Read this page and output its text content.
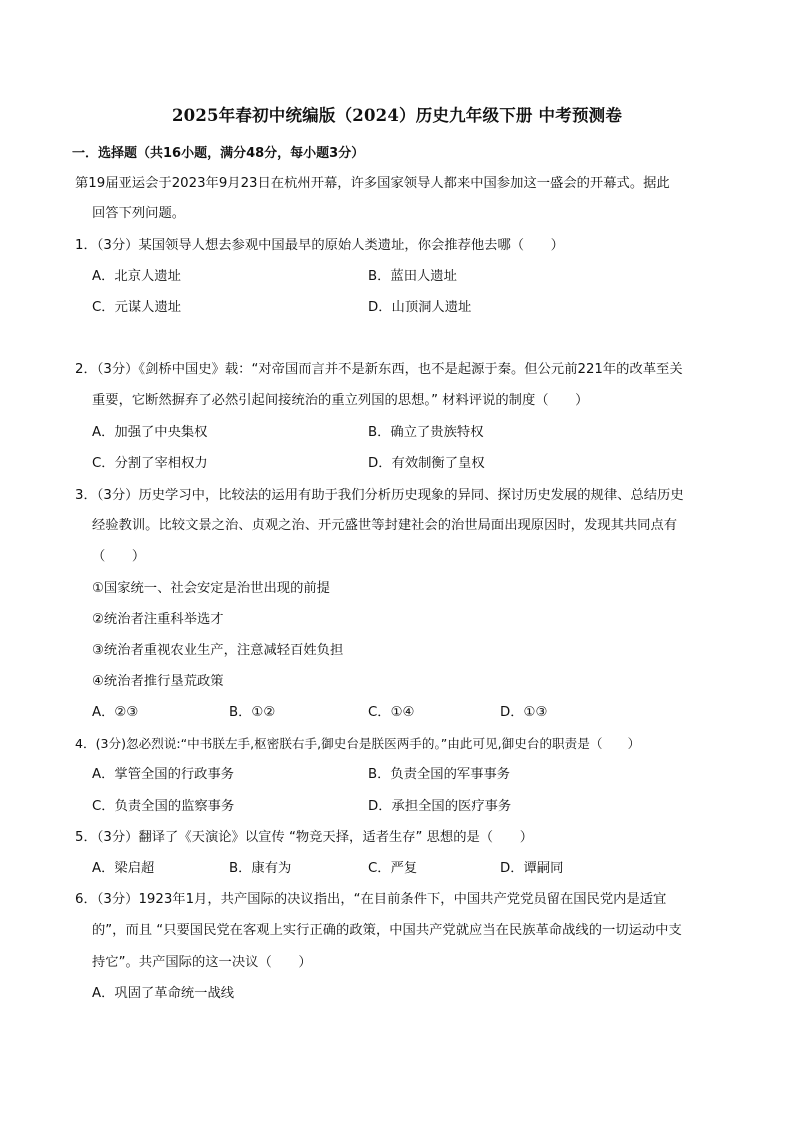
2025年春初中统编版（2024）历史九年级下册 中考预测卷
一．选择题（共16小题，满分48分，每小题3分）
第19届亚运会于2023年9月23日在杭州开幕，许多国家领导人都来中国参加这一盛会的开幕式。据此
回答下列问题。
1．（3分）某国领导人想去参观中国最早的原始人类遗址，你会推荐他去哪（　　）
A．北京人遗址	B．蓝田人遗址
C．元谋人遗址	D．山顶洞人遗址
2．（3分）《剑桥中国史》载：“对帝国而言并不是新东西，也不是起源于秦。但公元前221年的改革至关
重要，它断然摒弃了必然引起间接统治的重立列国的思想。” 材料评说的制度（　　）
A．加强了中央集权	B．确立了贵族特权
C．分割了宰相权力	D．有效制衡了皇权
3．（3分）历史学习中，比较法的运用有助于我们分析历史现象的异同、探讨历史发展的规律、总结历史
经验教训。比较文景之治、贞观之治、开元盛世等封建社会的治世局面出现原因时，发现其共同点有
（　　）
①国家统一、社会安定是治世出现的前提
②统治者注重科举选才
③统治者重视农业生产，注意减轻百姓负担
④统治者推行垦荒政策
A．②③	B．①②	C．①④	D．①③
4．(3分)忽必烈说:“中书朕左手,枢密朕右手,御史台是朕医两手的。”由此可见,御史台的职责是（　　）
A．掌管全国的行政事务	B．负责全国的军事事务
C．负责全国的监察事务	D．承担全国的医疗事务
5．（3分）翻译了《天演论》以宣传 “物竞天择，适者生存” 思想的是（　　）
A．梁启超	B．康有为	C．严复	D．谭嗣同
6．（3分）1923年1月，共产国际的决议指出，“在目前条件下，中国共产党党员留在国民党内是适宜
的”，而且 “只要国民党在客观上实行正确的政策，中国共产党就应当在民族革命战线的一切运动中支
持它”。共产国际的这一决议（　　）
A．巩固了革命统一战线
